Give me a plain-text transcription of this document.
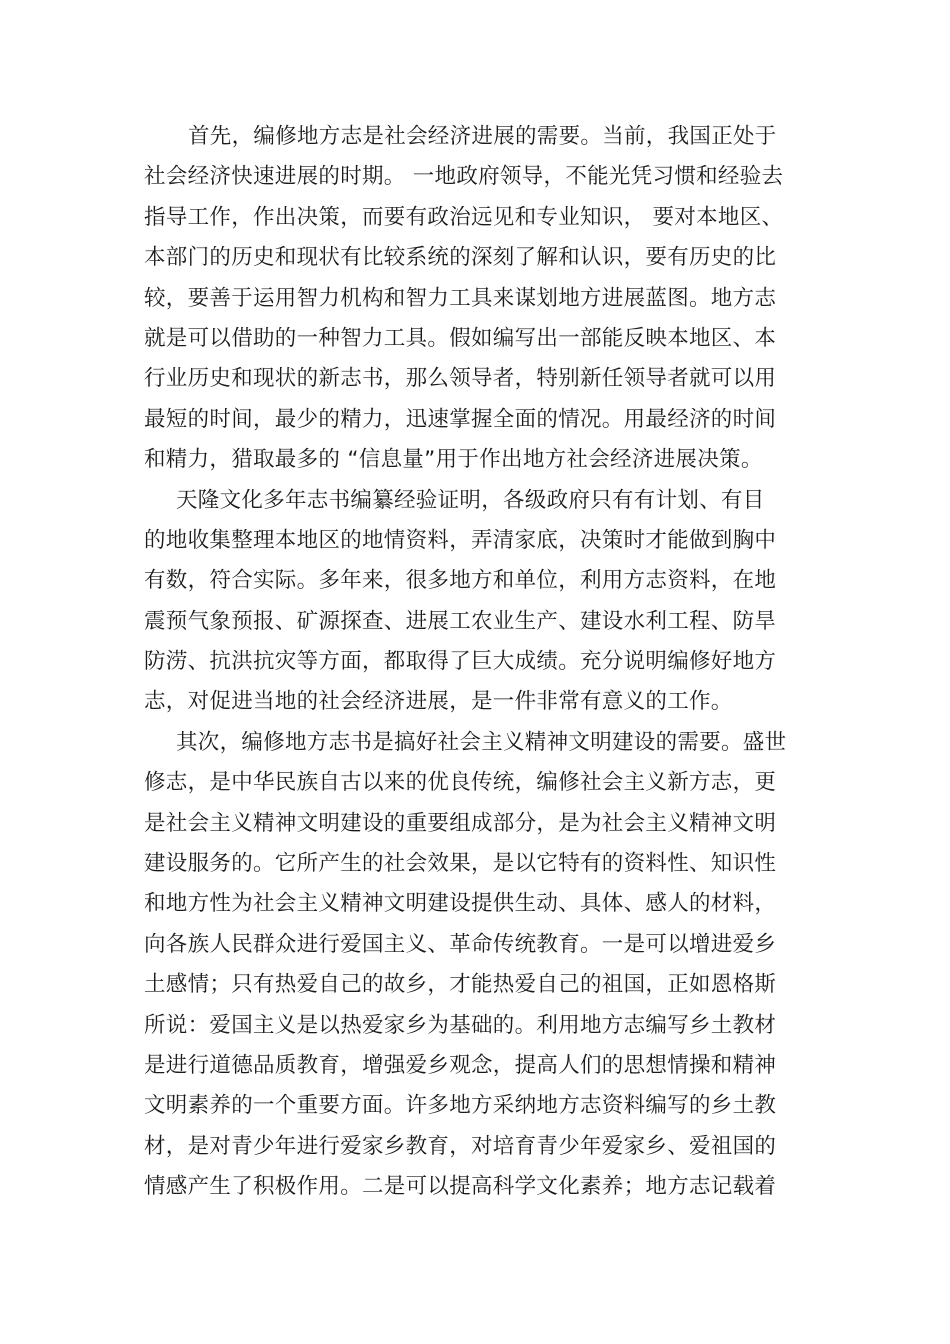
首先，编修地方志是社会经济进展的需要。当前，我国正处于
社会经济快速进展的时期。 一地政府领导，不能光凭习惯和经验去
指导工作，作出决策，而要有政治远见和专业知识， 要对本地区、
本部门的历史和现状有比较系统的深刻了解和认识，要有历史的比
较，要善于运用智力机构和智力工具来谋划地方进展蓝图。地方志
就是可以借助的一种智力工具。假如编写出一部能反映本地区、本
行业历史和现状的新志书，那么领导者，特别新任领导者就可以用
最短的时间，最少的精力，迅速掌握全面的情况。用最经济的时间
和精力，猎取最多的 “信息量”用于作出地方社会经济进展决策。
天隆文化多年志书编纂经验证明，各级政府只有有计划、有目
的地收集整理本地区的地情资料，弄清家底，决策时才能做到胸中
有数，符合实际。多年来，很多地方和单位，利用方志资料，在地
震预气象预报、矿源探查、进展工农业生产、建设水利工程、防旱
防涝、抗洪抗灾等方面，都取得了巨大成绩。充分说明编修好地方
志，对促进当地的社会经济进展，是一件非常有意义的工作。
其次，编修地方志书是搞好社会主义精神文明建设的需要。盛世
修志，是中华民族自古以来的优良传统，编修社会主义新方志，更
是社会主义精神文明建设的重要组成部分，是为社会主义精神文明
建设服务的。它所产生的社会效果，是以它特有的资料性、知识性
和地方性为社会主义精神文明建设提供生动、具体、感人的材料，
向各族人民群众进行爱国主义、革命传统教育。一是可以增进爱乡
土感情；只有热爱自己的故乡，才能热爱自己的祖国，正如恩格斯
所说：爱国主义是以热爱家乡为基础的。利用地方志编写乡土教材
是进行道德品质教育，增强爱乡观念，提高人们的思想情操和精神
文明素养的一个重要方面。许多地方采纳地方志资料编写的乡土教
材，是对青少年进行爱家乡教育，对培育青少年爱家乡、爱祖国的
情感产生了积极作用。二是可以提高科学文化素养；地方志记载着
